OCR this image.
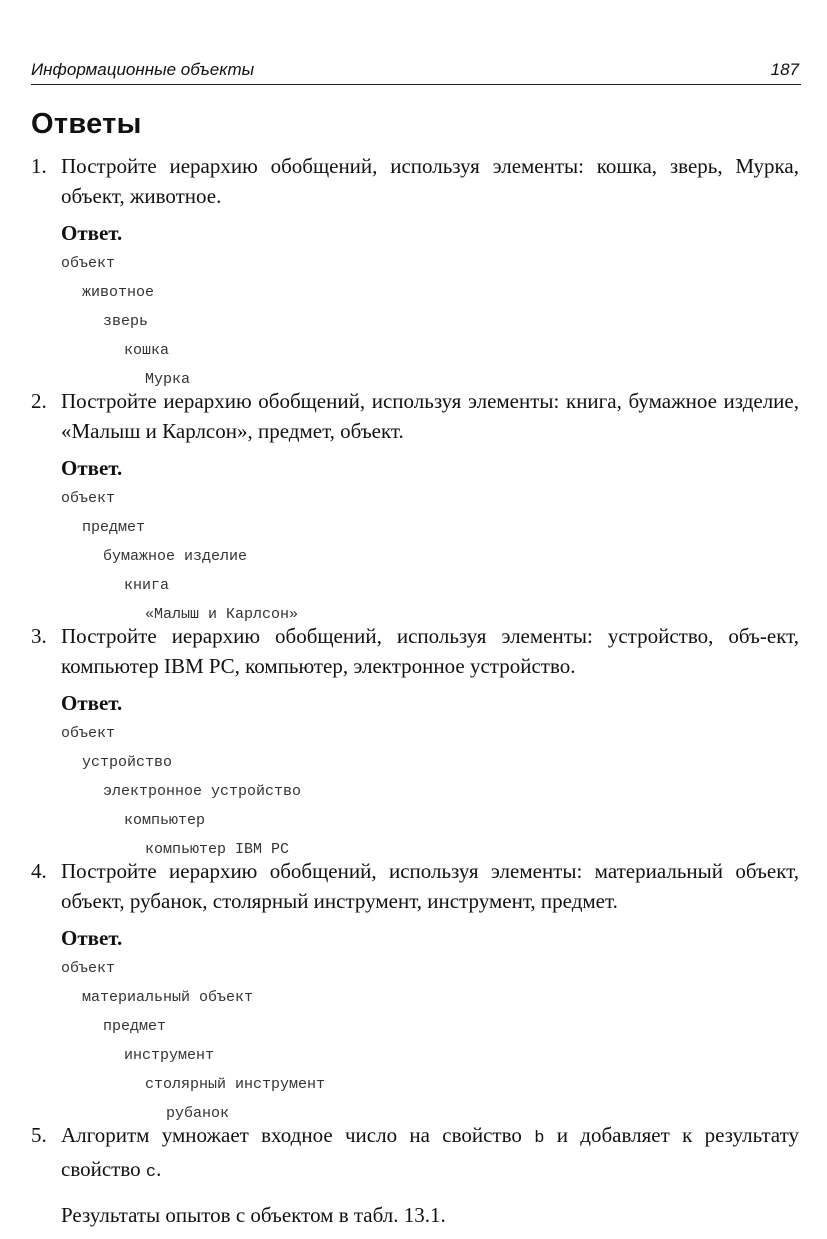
Информационные объекты	187
Ответы
1. Постройте иерархию обобщений, используя элементы: кошка, зверь, Мурка, объект, животное.
Ответ.
объект
животное
зверь
кошка
Мурка
2. Постройте иерархию обобщений, используя элементы: книга, бумажное изделие, «Малыш и Карлсон», предмет, объект.
Ответ.
объект
предмет
бумажное изделие
книга
«Малыш и Карлсон»
3. Постройте иерархию обобщений, используя элементы: устройство, объ-ект, компьютер IBM PC, компьютер, электронное устройство.
Ответ.
объект
устройство
электронное устройство
компьютер
компьютер IBM PC
4. Постройте иерархию обобщений, используя элементы: материальный объект, объект, рубанок, столярный инструмент, инструмент, предмет.
Ответ.
объект
материальный объект
предмет
инструмент
столярный инструмент
рубанок
5. Алгоритм умножает входное число на свойство b и добавляет к результату свойство c.
Результаты опытов с объектом в табл. 13.1.
